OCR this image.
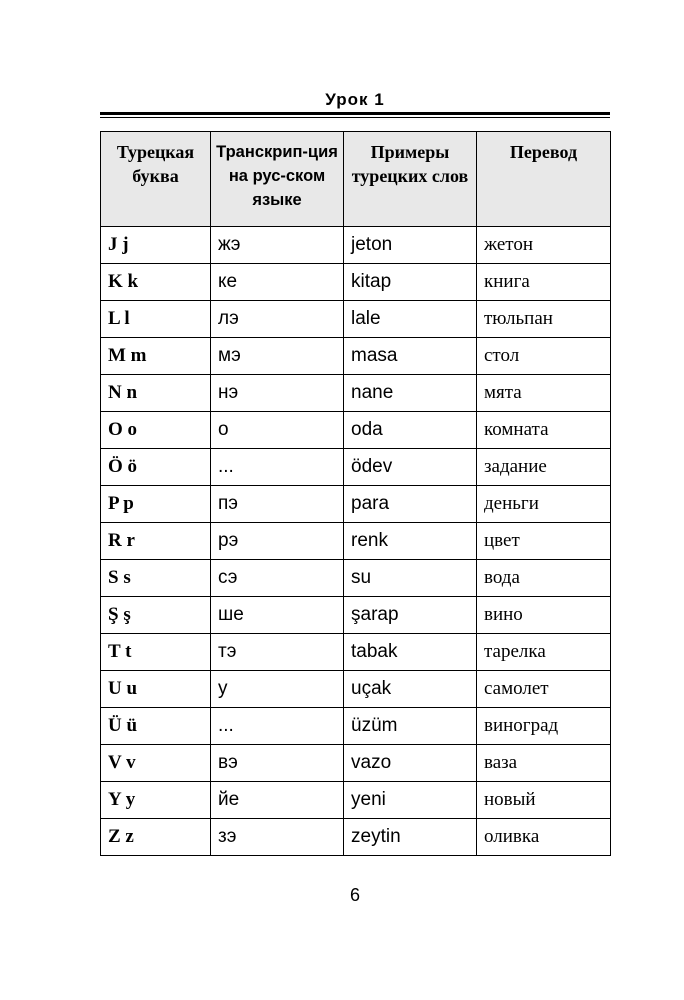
Урок 1
Турецкая буква	Транскрип-ция на рус-ском языке	Примеры турецких слов	Перевод
J j	жэ	jeton	жетон
K k	ке	kitap	книга
L l	лэ	lale	тюльпан
M m	мэ	masa	стол
N n	нэ	nane	мята
O o	о	oda	комната
Ö ö	...	ödev	задание
P p	пэ	para	деньги
R r	рэ	renk	цвет
S s	сэ	su	вода
Ş ş	ше	şarap	вино
T t	тэ	tabak	тарелка
U u	у	uçak	самолет
Ü ü	...	üzüm	виноград
V v	вэ	vazo	ваза
Y y	йе	yeni	новый
Z z	зэ	zeytin	оливка
6
